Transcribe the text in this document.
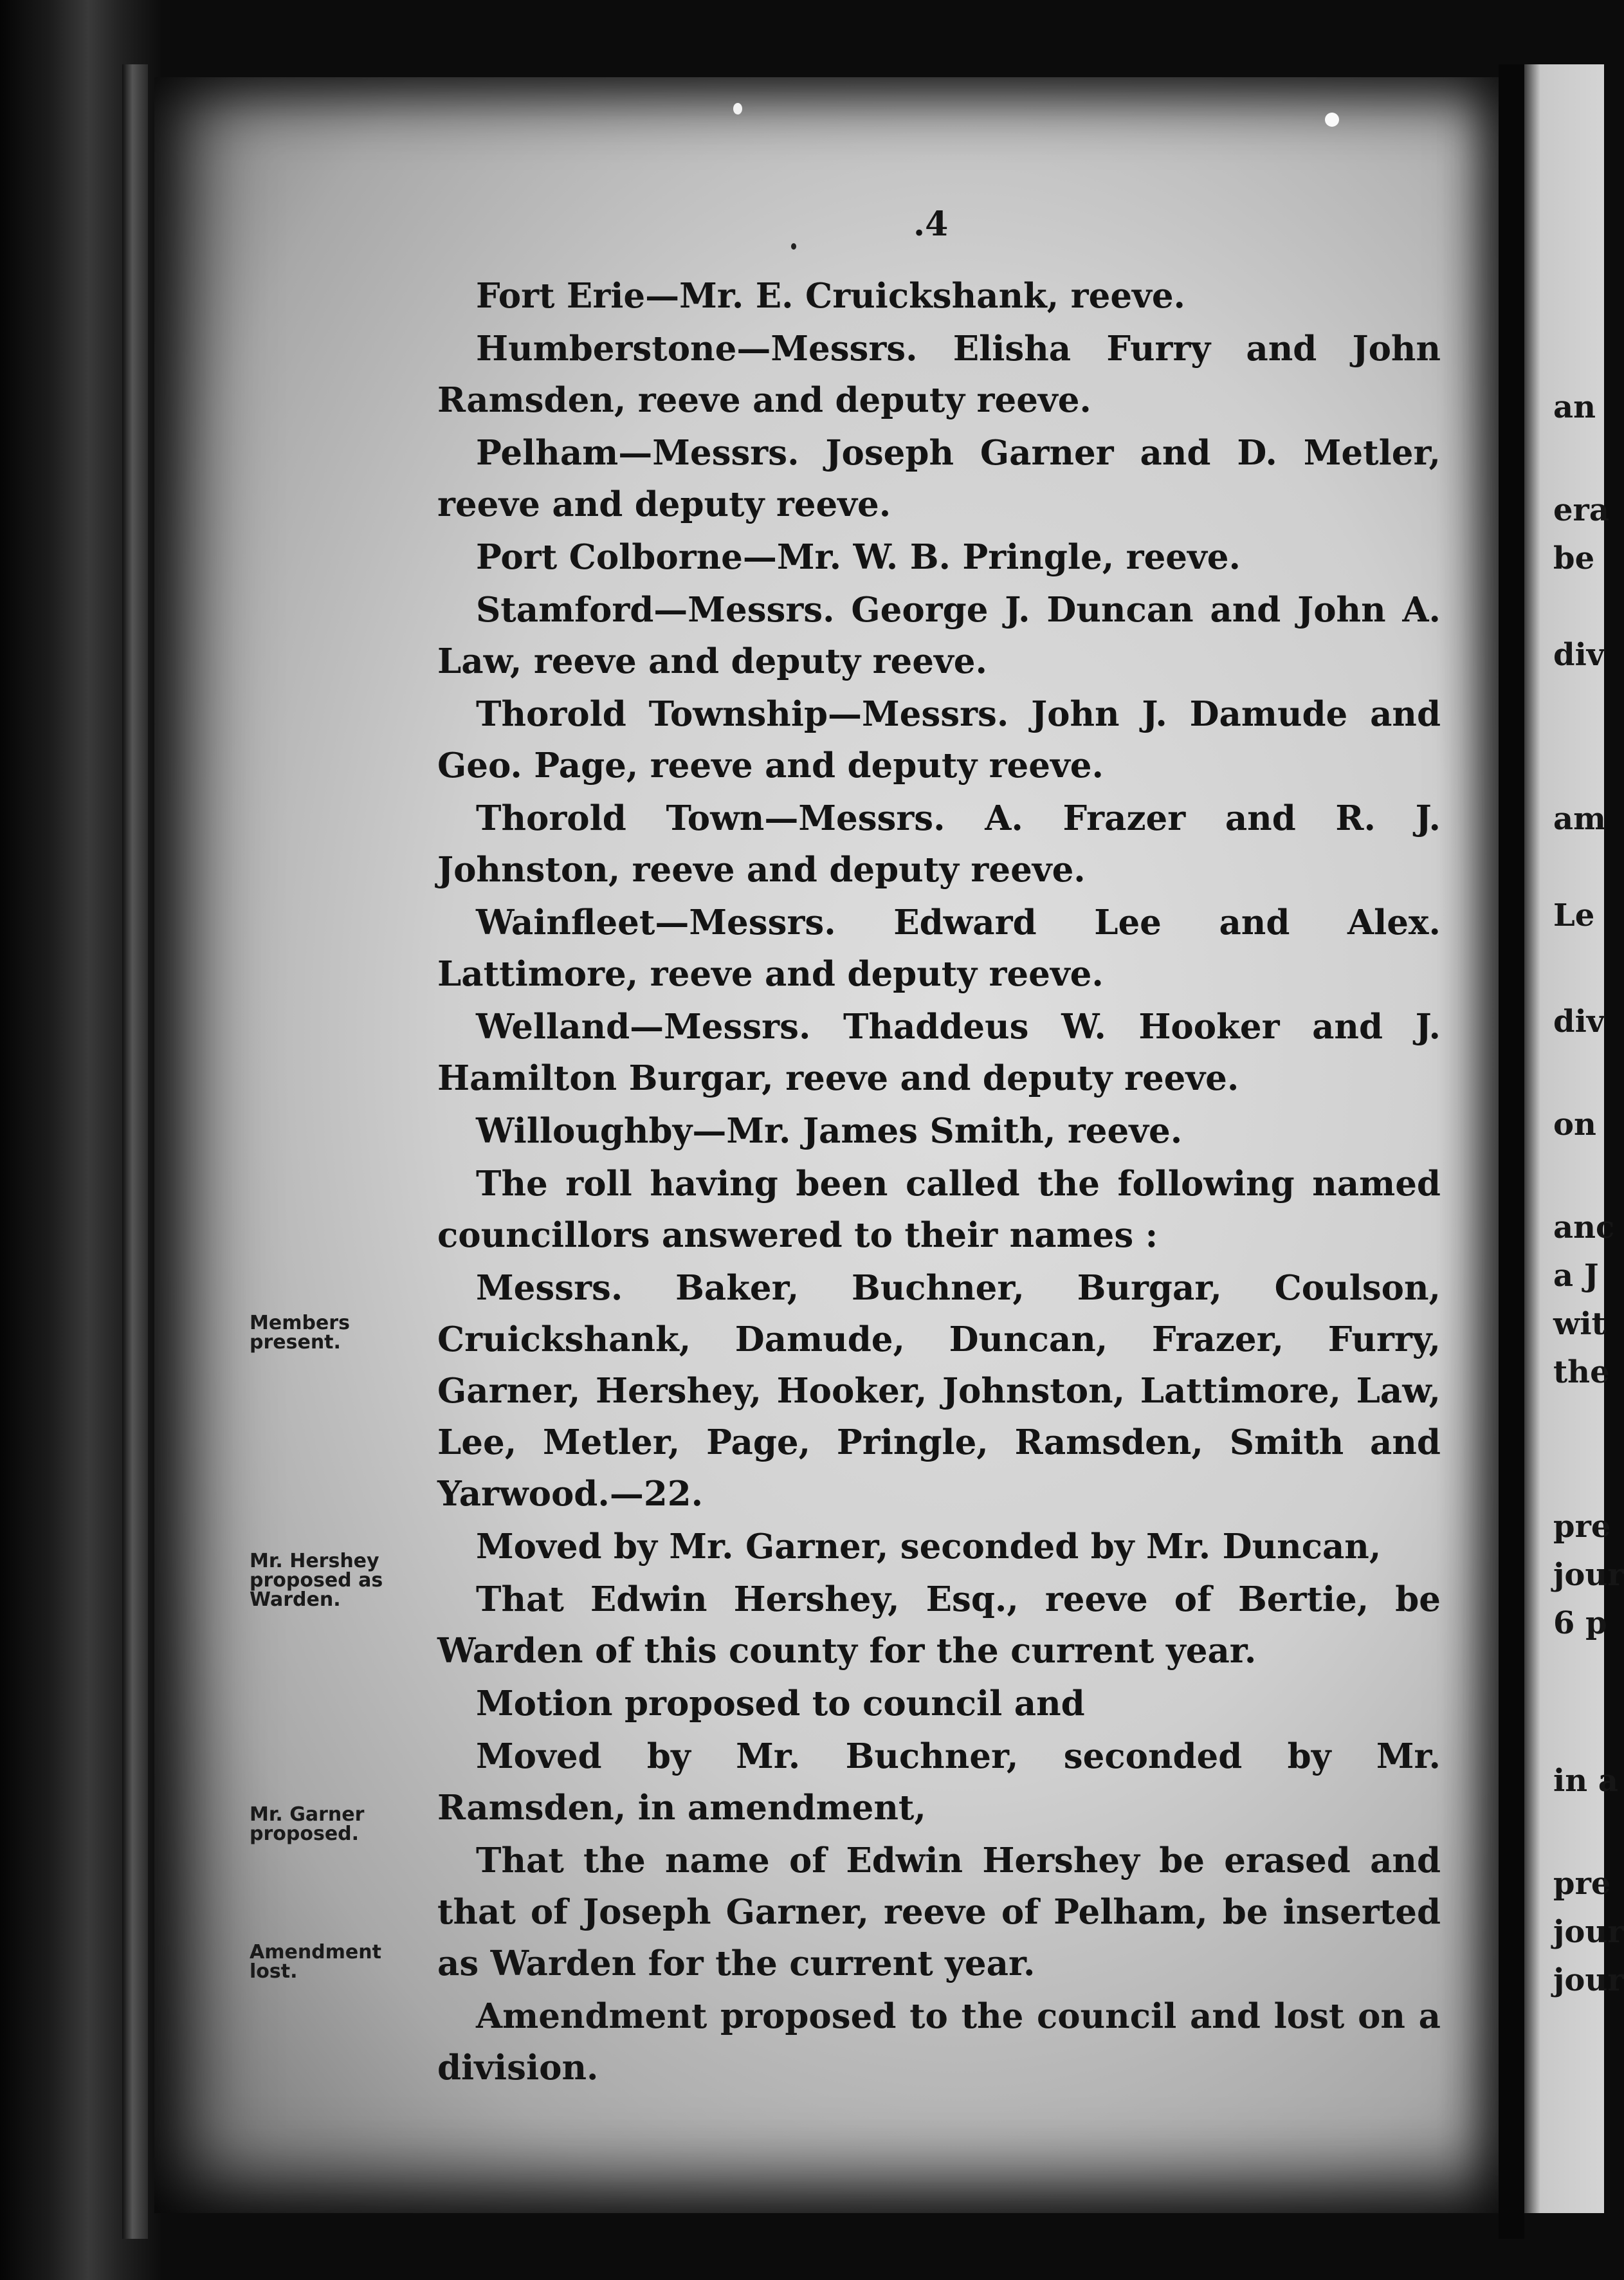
.4

Fort Erie—Mr. E. Cruickshank, reeve.

Humberstone—Messrs. Elisha Furry and John Ramsden, reeve and deputy reeve.

Pelham—Messrs. Joseph Garner and D. Metler, reeve and deputy reeve.

Port Colborne—Mr. W. B. Pringle, reeve.

Stamford—Messrs. George J. Duncan and John A. Law, reeve and deputy reeve.

Thorold Township—Messrs. John J. Damude and Geo. Page, reeve and deputy reeve.

Thorold Town—Messrs. A. Frazer and R. J. Johnston, reeve and deputy reeve.

Wainfleet—Messrs. Edward Lee and Alex. Lattimore, reeve and deputy reeve.

Welland—Messrs. Thaddeus W. Hooker and J. Hamilton Burgar, reeve and deputy reeve.

Willoughby—Mr. James Smith, reeve.

The roll having been called the following named councillors answered to their names :

Messrs. Baker, Buchner, Burgar, Coulson, Cruickshank, Damude, Duncan, Frazer, Furry, Garner, Hershey, Hooker, Johnston, Lattimore, Law, Lee, Metler, Page, Pringle, Ramsden, Smith and Yarwood.—22.

Moved by Mr. Garner, seconded by Mr. Duncan,

That Edwin Hershey, Esq., reeve of Bertie, be Warden of this county for the current year.

Motion proposed to council and

Moved by Mr. Buchner, seconded by Mr. Ramsden, in amendment,

That the name of Edwin Hershey be erased and that of Joseph Garner, reeve of Pelham, be inserted as Warden for the current year.

Amendment proposed to the council and lost on a division.

Members present.
Mr. Hershey proposed as Warden.
Mr. Garner proposed.
Amendment lost.
an
era
be
div
am
Le
div
on
anc
a J
wit
the
pre
jour
6 p
in a
pre
jour
jour
